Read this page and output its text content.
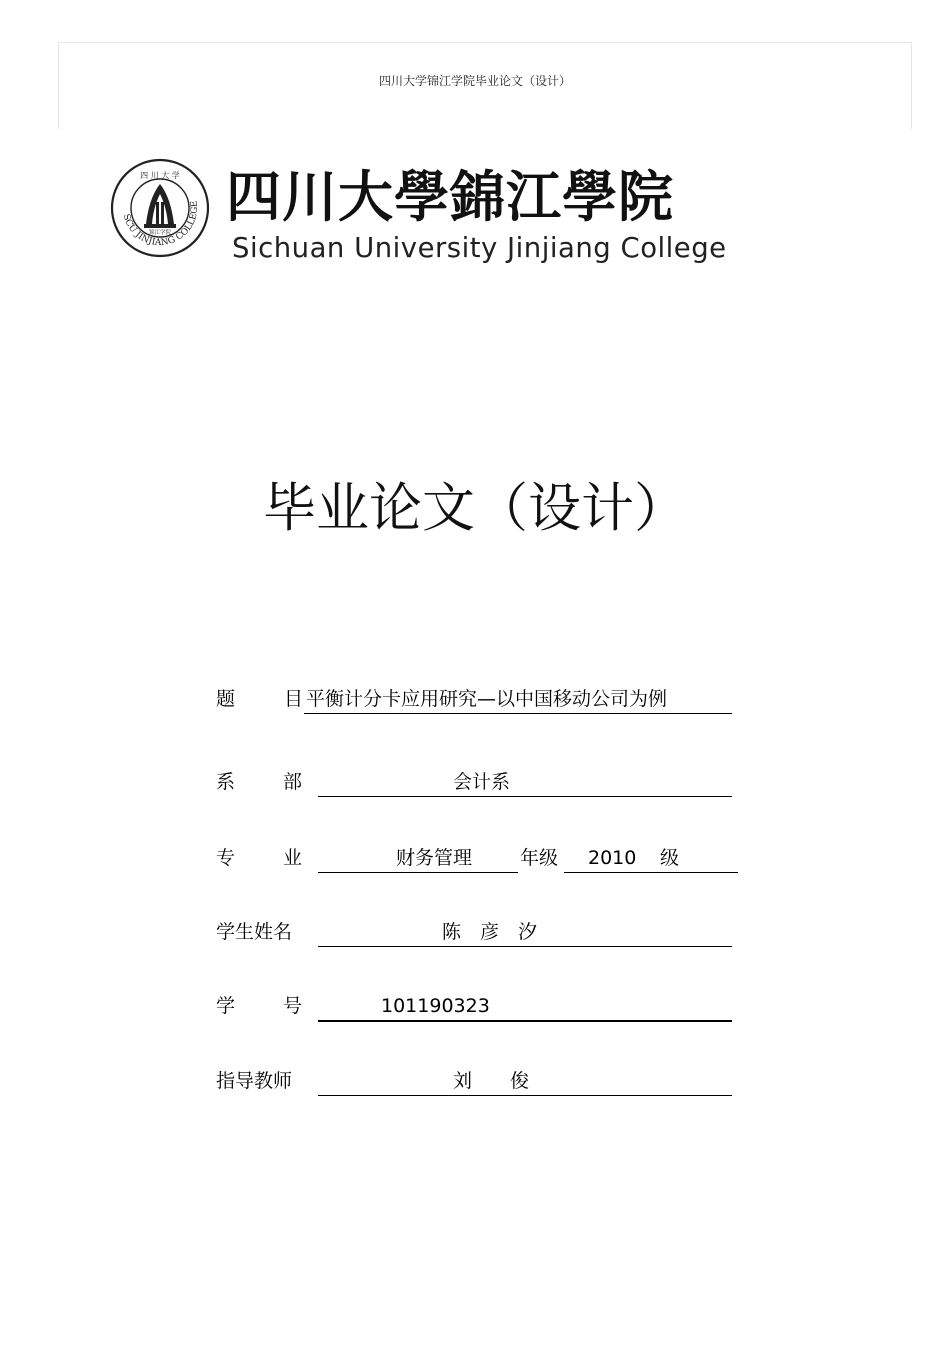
四川大学锦江学院毕业论文（设计）
SCU JINJIANG COLLEGE
四 川 大 学
锦江学院
四川大學錦江學院
Sichuan University Jinjiang College
毕业论文（设计）
题	目 平衡计分卡应用研究—以中国移动公司为例
系部	会计系
专业 财务管理	年级 2010 级
学生姓名	陈　彦　汐
学号 101190323
指导教师	刘　　俊
